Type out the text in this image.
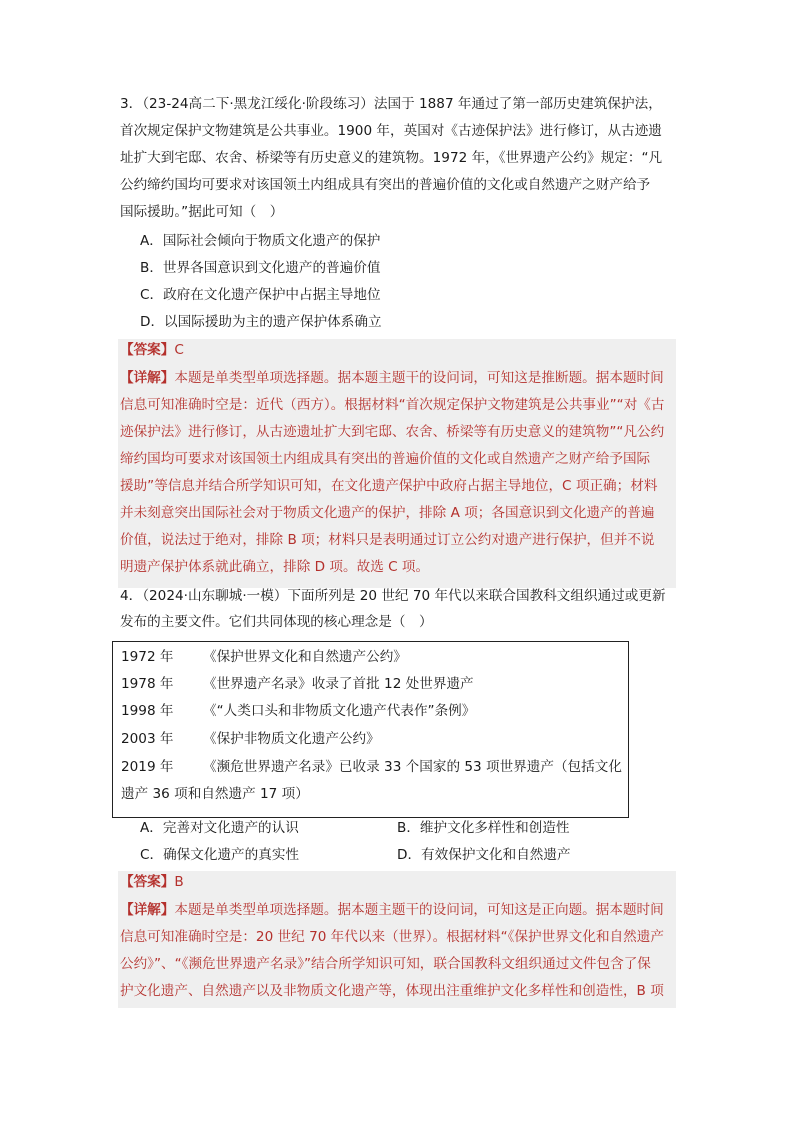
3．（23-24高二下·黑龙江绥化·阶段练习）法国于 1887 年通过了第一部历史建筑保护法，
首次规定保护文物建筑是公共事业。1900 年，英国对《古迹保护法》进行修订，从古迹遗
址扩大到宅邸、农舍、桥梁等有历史意义的建筑物。1972 年，《世界遗产公约》规定：“凡
公约缔约国均可要求对该国领土内组成具有突出的普遍价值的文化或自然遗产之财产给予
国际援助。”据此可知（　）
A．国际社会倾向于物质文化遗产的保护
B．世界各国意识到文化遗产的普遍价值
C．政府在文化遗产保护中占据主导地位
D．以国际援助为主的遗产保护体系确立
【答案】C
【详解】本题是单类型单项选择题。据本题主题干的设问词，可知这是推断题。据本题时间
信息可知准确时空是：近代（西方）。根据材料“首次规定保护文物建筑是公共事业”“对《古
迹保护法》进行修订，从古迹遗址扩大到宅邸、农舍、桥梁等有历史意义的建筑物”“凡公约
缔约国均可要求对该国领土内组成具有突出的普遍价值的文化或自然遗产之财产给予国际
援助”等信息并结合所学知识可知，在文化遗产保护中政府占据主导地位，C 项正确；材料
并未刻意突出国际社会对于物质文化遗产的保护，排除 A 项；各国意识到文化遗产的普遍
价值，说法过于绝对，排除 B 项；材料只是表明通过订立公约对遗产进行保护，但并不说
明遗产保护体系就此确立，排除 D 项。故选 C 项。
4．（2024·山东聊城·一模）下面所列是 20 世纪 70 年代以来联合国教科文组织通过或更新
发布的主要文件。它们共同体现的核心理念是（　）
1972 年 《保护世界文化和自然遗产公约》
1978 年 《世界遗产名录》收录了首批 12 处世界遗产
1998 年 《“人类口头和非物质文化遗产代表作”条例》
2003 年 《保护非物质文化遗产公约》
2019 年 《濒危世界遗产名录》已收录 33 个国家的 53 项世界遗产（包括文化
遗产 36 项和自然遗产 17 项）
A．完善对文化遗产的认识	B．维护文化多样性和创造性
C．确保文化遗产的真实性	D．有效保护文化和自然遗产
【答案】B
【详解】本题是单类型单项选择题。据本题主题干的设问词，可知这是正向题。据本题时间
信息可知准确时空是：20 世纪 70 年代以来（世界）。根据材料“《保护世界文化和自然遗产
公约》”、“《濒危世界遗产名录》”结合所学知识可知，联合国教科文组织通过文件包含了保
护文化遗产、自然遗产以及非物质文化遗产等，体现出注重维护文化多样性和创造性，B 项
